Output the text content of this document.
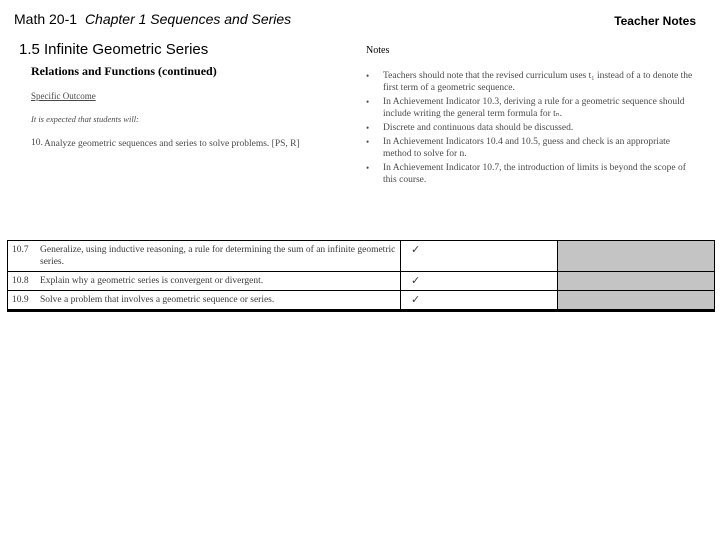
Math 20-1 Chapter 1 Sequences and Series	Teacher Notes
1.5 Infinite Geometric Series
Relations and Functions (continued)
Specific Outcome
It is expected that students will:
10. Analyze geometric sequences and series to solve problems. [PS, R]
Notes
• Teachers should note that the revised curriculum uses t₁ instead of a to denote the first term of a geometric sequence.
• In Achievement Indicator 10.3, deriving a rule for a geometric sequence should include writing the general term formula for tₙ.
• Discrete and continuous data should be discussed.
• In Achievement Indicators 10.4 and 10.5, guess and check is an appropriate method to solve for n.
• In Achievement Indicator 10.7, the introduction of limits is beyond the scope of this course.
10.7	Generalize, using inductive reasoning, a rule for determining the sum of an infinite geometric series.	✓	
10.8	Explain why a geometric series is convergent or divergent.	✓	
10.9	Solve a problem that involves a geometric sequence or series.	✓	
